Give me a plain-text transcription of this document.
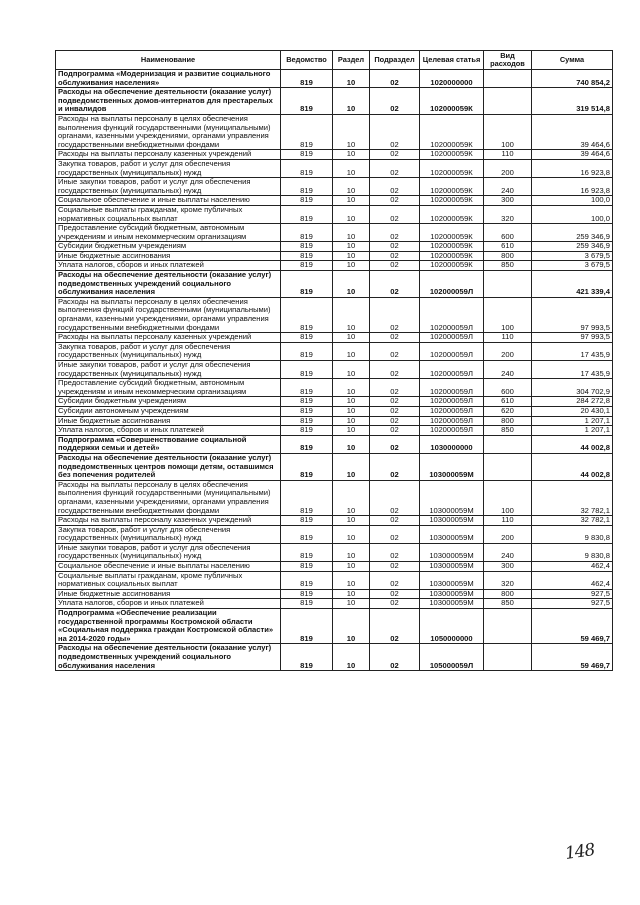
Наименование	Ведомство	Раздел	Подраздел	Целевая статья	Вид расходов	Сумма
Подпрограмма «Модернизация и развитие социального обслуживания населения»	819	10	02	1020000000		740 854,2
Расходы на обеспечение деятельности (оказание услуг) подведомственных домов-интернатов для престарелых и инвалидов	819	10	02	102000059К		319 514,8
Расходы на выплаты персоналу в целях обеспечения выполнения функций государственными (муниципальными) органами, казенными учреждениями, органами управления государственными внебюджетными фондами	819	10	02	102000059К	100	39 464,6
Расходы на выплаты персоналу казенных учреждений	819	10	02	102000059К	110	39 464,6
Закупка товаров, работ и услуг для обеспечения государственных (муниципальных) нужд	819	10	02	102000059К	200	16 923,8
Иные закупки товаров, работ и услуг для обеспечения государственных (муниципальных) нужд	819	10	02	102000059К	240	16 923,8
Социальное обеспечение и иные выплаты населению	819	10	02	102000059К	300	100,0
Социальные выплаты гражданам, кроме публичных нормативных социальных выплат	819	10	02	102000059К	320	100,0
Предоставление субсидий бюджетным, автономным учреждениям и иным некоммерческим организациям	819	10	02	102000059К	600	259 346,9
Субсидии бюджетным учреждениям	819	10	02	102000059К	610	259 346,9
Иные бюджетные ассигнования	819	10	02	102000059К	800	3 679,5
Уплата налогов, сборов и иных платежей	819	10	02	102000059К	850	3 679,5
Расходы на обеспечение деятельности (оказание услуг) подведомственных учреждений социального обслуживания населения	819	10	02	102000059Л		421 339,4
Расходы на выплаты персоналу в целях обеспечения выполнения функций государственными (муниципальными) органами, казенными учреждениями, органами управления государственными внебюджетными фондами	819	10	02	102000059Л	100	97 993,5
Расходы на выплаты персоналу казенных учреждений	819	10	02	102000059Л	110	97 993,5
Закупка товаров, работ и услуг для обеспечения государственных (муниципальных) нужд	819	10	02	102000059Л	200	17 435,9
Иные закупки товаров, работ и услуг для обеспечения государственных (муниципальных) нужд	819	10	02	102000059Л	240	17 435,9
Предоставление субсидий бюджетным, автономным учреждениям и иным некоммерческим организациям	819	10	02	102000059Л	600	304 702,9
Субсидии бюджетным учреждениям	819	10	02	102000059Л	610	284 272,8
Субсидии автономным учреждениям	819	10	02	102000059Л	620	20 430,1
Иные бюджетные ассигнования	819	10	02	102000059Л	800	1 207,1
Уплата налогов, сборов и иных платежей	819	10	02	102000059Л	850	1 207,1
Подпрограмма «Совершенствование социальной поддержки семьи и детей»	819	10	02	1030000000		44 002,8
Расходы на обеспечение деятельности (оказание услуг) подведомственных центров помощи детям, оставшимся без попечения родителей	819	10	02	103000059М		44 002,8
Расходы на выплаты персоналу в целях обеспечения выполнения функций государственными (муниципальными) органами, казенными учреждениями, органами управления государственными внебюджетными фондами	819	10	02	103000059М	100	32 782,1
Расходы на выплаты персоналу казенных учреждений	819	10	02	103000059М	110	32 782,1
Закупка товаров, работ и услуг для обеспечения государственных (муниципальных) нужд	819	10	02	103000059М	200	9 830,8
Иные закупки товаров, работ и услуг для обеспечения государственных (муниципальных) нужд	819	10	02	103000059М	240	9 830,8
Социальное обеспечение и иные выплаты населению	819	10	02	103000059М	300	462,4
Социальные выплаты гражданам, кроме публичных нормативных социальных выплат	819	10	02	103000059М	320	462,4
Иные бюджетные ассигнования	819	10	02	103000059М	800	927,5
Уплата налогов, сборов и иных платежей	819	10	02	103000059М	850	927,5
Подпрограмма «Обеспечение реализации государственной программы Костромской области «Социальная поддержка граждан Костромской области» на 2014-2020 годы»	819	10	02	1050000000		59 469,7
Расходы на обеспечение деятельности (оказание услуг) подведомственных учреждений социального обслуживания населения	819	10	02	105000059Л		59 469,7
148
